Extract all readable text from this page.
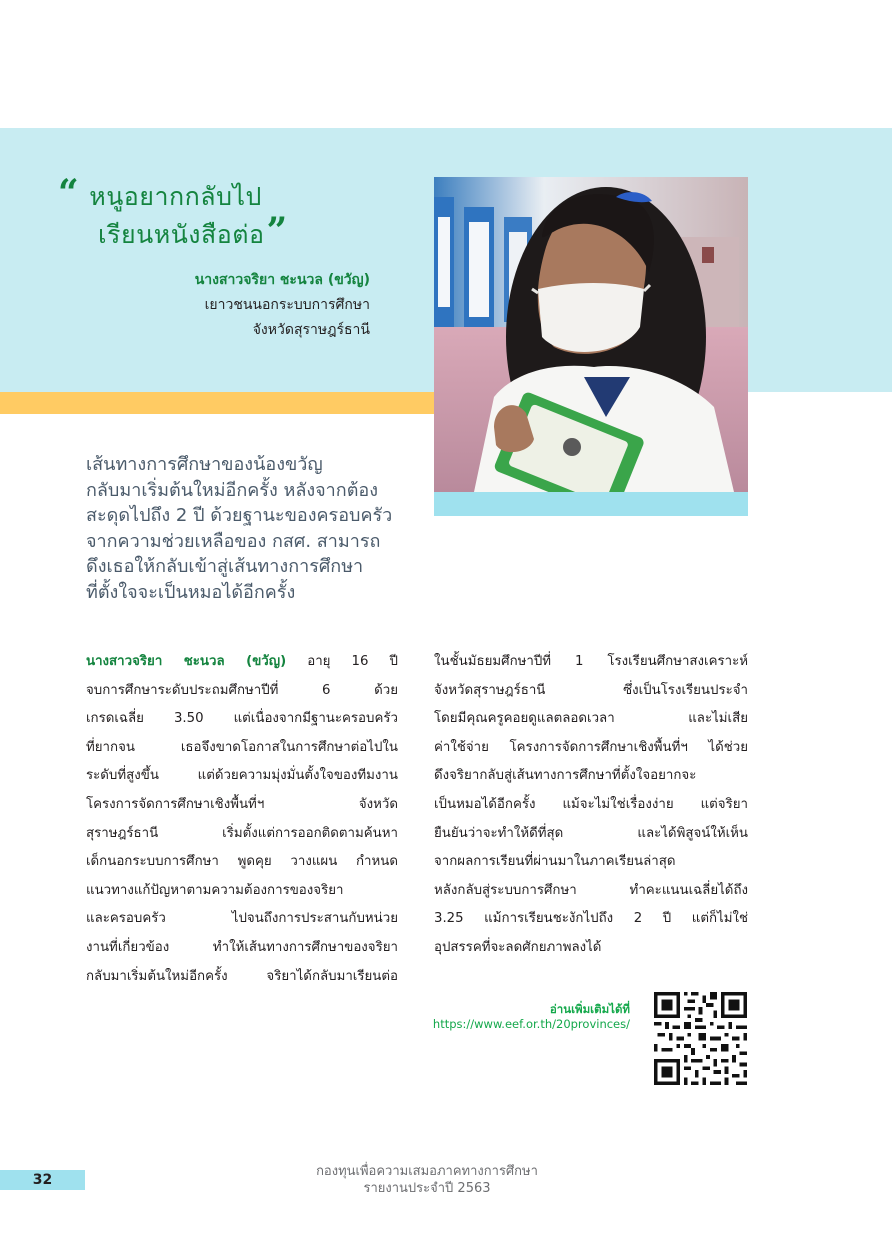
“ หนูอยากกลับไป
เรียนหนังสือต่อ”
นางสาวจริยา ชะนวล (ขวัญ)
เยาวชนนอกระบบการศึกษา
จังหวัดสุราษฎร์ธานี
เส้นทางการศึกษาของน้องขวัญ
กลับมาเริ่มต้นใหม่อีกครั้ง หลังจากต้อง
สะดุดไปถึง 2 ปี ด้วยฐานะของครอบครัว
จากความช่วยเหลือของ กสศ. สามารถ
ดึงเธอให้กลับเข้าสู่เส้นทางการศึกษา
ที่ตั้งใจจะเป็นหมอได้อีกครั้ง
นางสาวจริยา ชะนวล (ขวัญ) อายุ 16 ปี
จบการศึกษาระดับประถมศึกษาปีที่ 6 ด้วย
เกรดเฉลี่ย 3.50 แต่เนื่องจากมีฐานะครอบครัว
ที่ยากจน เธอจึงขาดโอกาสในการศึกษาต่อไปใน
ระดับที่สูงขึ้น แต่ด้วยความมุ่งมั่นตั้งใจของทีมงาน
โครงการจัดการศึกษาเชิงพื้นที่ฯ จังหวัด
สุราษฎร์ธานี เริ่มตั้งแต่การออกติดตามค้นหา
เด็กนอกระบบการศึกษา พูดคุย วางแผน กำหนด
แนวทางแก้ปัญหาตามความต้องการของจริยา
และครอบครัว ไปจนถึงการประสานกับหน่วย
งานที่เกี่ยวข้อง ทำให้เส้นทางการศึกษาของจริยา
กลับมาเริ่มต้นใหม่อีกครั้ง จริยาได้กลับมาเรียนต่อ
ในชั้นมัธยมศึกษาปีที่ 1 โรงเรียนศึกษาสงเคราะห์
จังหวัดสุราษฎร์ธานี ซึ่งเป็นโรงเรียนประจำ
โดยมีคุณครูคอยดูแลตลอดเวลา และไม่เสีย
ค่าใช้จ่าย โครงการจัดการศึกษาเชิงพื้นที่ฯ ได้ช่วย
ดึงจริยากลับสู่เส้นทางการศึกษาที่ตั้งใจอยากจะ
เป็นหมอได้อีกครั้ง แม้จะไม่ใช่เรื่องง่าย แต่จริยา
ยืนยันว่าจะทำให้ดีที่สุด และได้พิสูจน์ให้เห็น
จากผลการเรียนที่ผ่านมาในภาคเรียนล่าสุด
หลังกลับสู่ระบบการศึกษา ทำคะแนนเฉลี่ยได้ถึง
3.25 แม้การเรียนชะงักไปถึง 2 ปี แต่ก็ไม่ใช่
อุปสรรคที่จะลดศักยภาพลงได้
อ่านเพิ่มเติมได้ที่
https://www.eef.or.th/20provinces/
32
กองทุนเพื่อความเสมอภาคทางการศึกษา
รายงานประจำปี 2563
